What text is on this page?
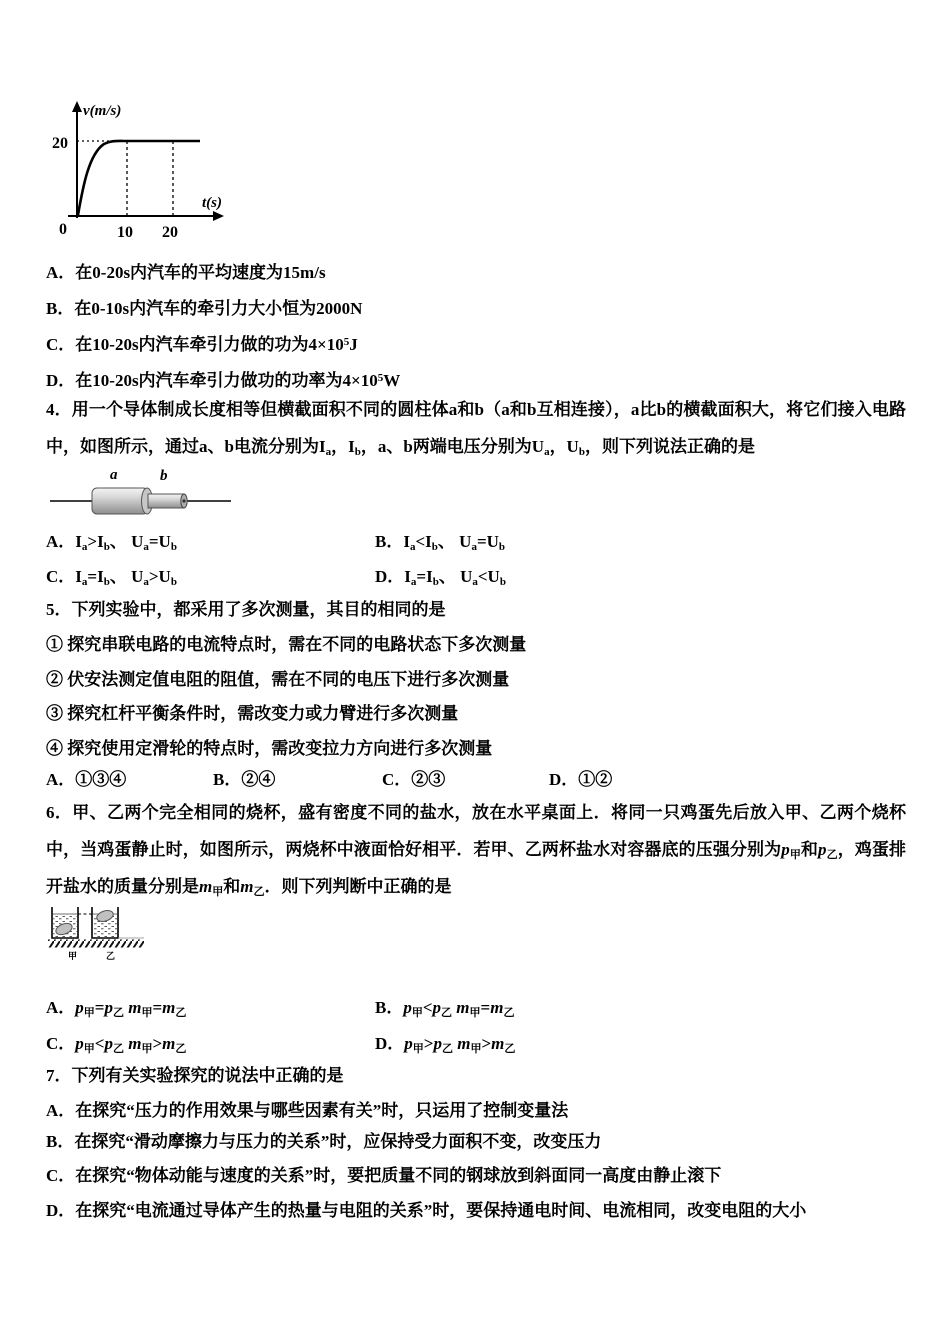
v(m/s)
t(s)
20
0	10 20
A．在0-20s内汽车的平均速度为15m/s
B．在0-10s内汽车的牵引力大小恒为2000N
C．在10-20s内汽车牵引力做的功为$4\times 10^5J$
D．在10-20s内汽车牵引力做功的功率为$4\times 10^5W$
4．用一个导体制成长度相等但横截面积不同的圆柱体a和b（a和b互相连接），a比b的横截面积大，将它们接入电路中，如图所示，通过a、b电流分别为$I_a$，$I_b$，a、b两端电压分别为$U_a$，$U_b$，则下列说法正确的是
a	b
A．$I_a>I_b$、 $U_a=U_b$	B．$I_a<I_b$、 $U_a=U_b$
C．$I_a=I_b$、 $U_a>U_b$	D．$I_a=I_b$、 $U_a<U_b$
5．下列实验中，都采用了多次测量，其目的相同的是
① 探究串联电路的电流特点时，需在不同的电路状态下多次测量
② 伏安法测定值电阻的阻值，需在不同的电压下进行多次测量
③ 探究杠杆平衡条件时，需改变力或力臂进行多次测量
④ 探究使用定滑轮的特点时，需改变拉力方向进行多次测量
A．①③④	B．②④	C．②③	D．①②
6．甲、乙两个完全相同的烧杯，盛有密度不同的盐水，放在水平桌面上．将同一只鸡蛋先后放入甲、乙两个烧杯中，当鸡蛋静止时，如图所示，两烧杯中液面恰好相平．若甲、乙两杯盐水对容器底的压强分别为$p_甲$和$p_乙$，鸡蛋排开盐水的质量分别是$m_甲$和$m_乙$．则下列判断中正确的是
甲	乙
A．$p_甲=p_乙$ $m_甲=m_乙$	B．$p_甲<p_乙$ $m_甲=m_乙$
C．$p_甲<p_乙$ $m_甲>m_乙$	D．$p_甲>p_乙$ $m_甲>m_乙$
7．下列有关实验探究的说法中正确的是
A．在探究“压力的作用效果与哪些因素有关”时，只运用了控制变量法
B．在探究“滑动摩擦力与压力的关系”时，应保持受力面积不变，改变压力
C．在探究“物体动能与速度的关系”时，要把质量不同的钢球放到斜面同一高度由静止滚下
D．在探究“电流通过导体产生的热量与电阻的关系”时，要保持通电时间、电流相同，改变电阻的大小
